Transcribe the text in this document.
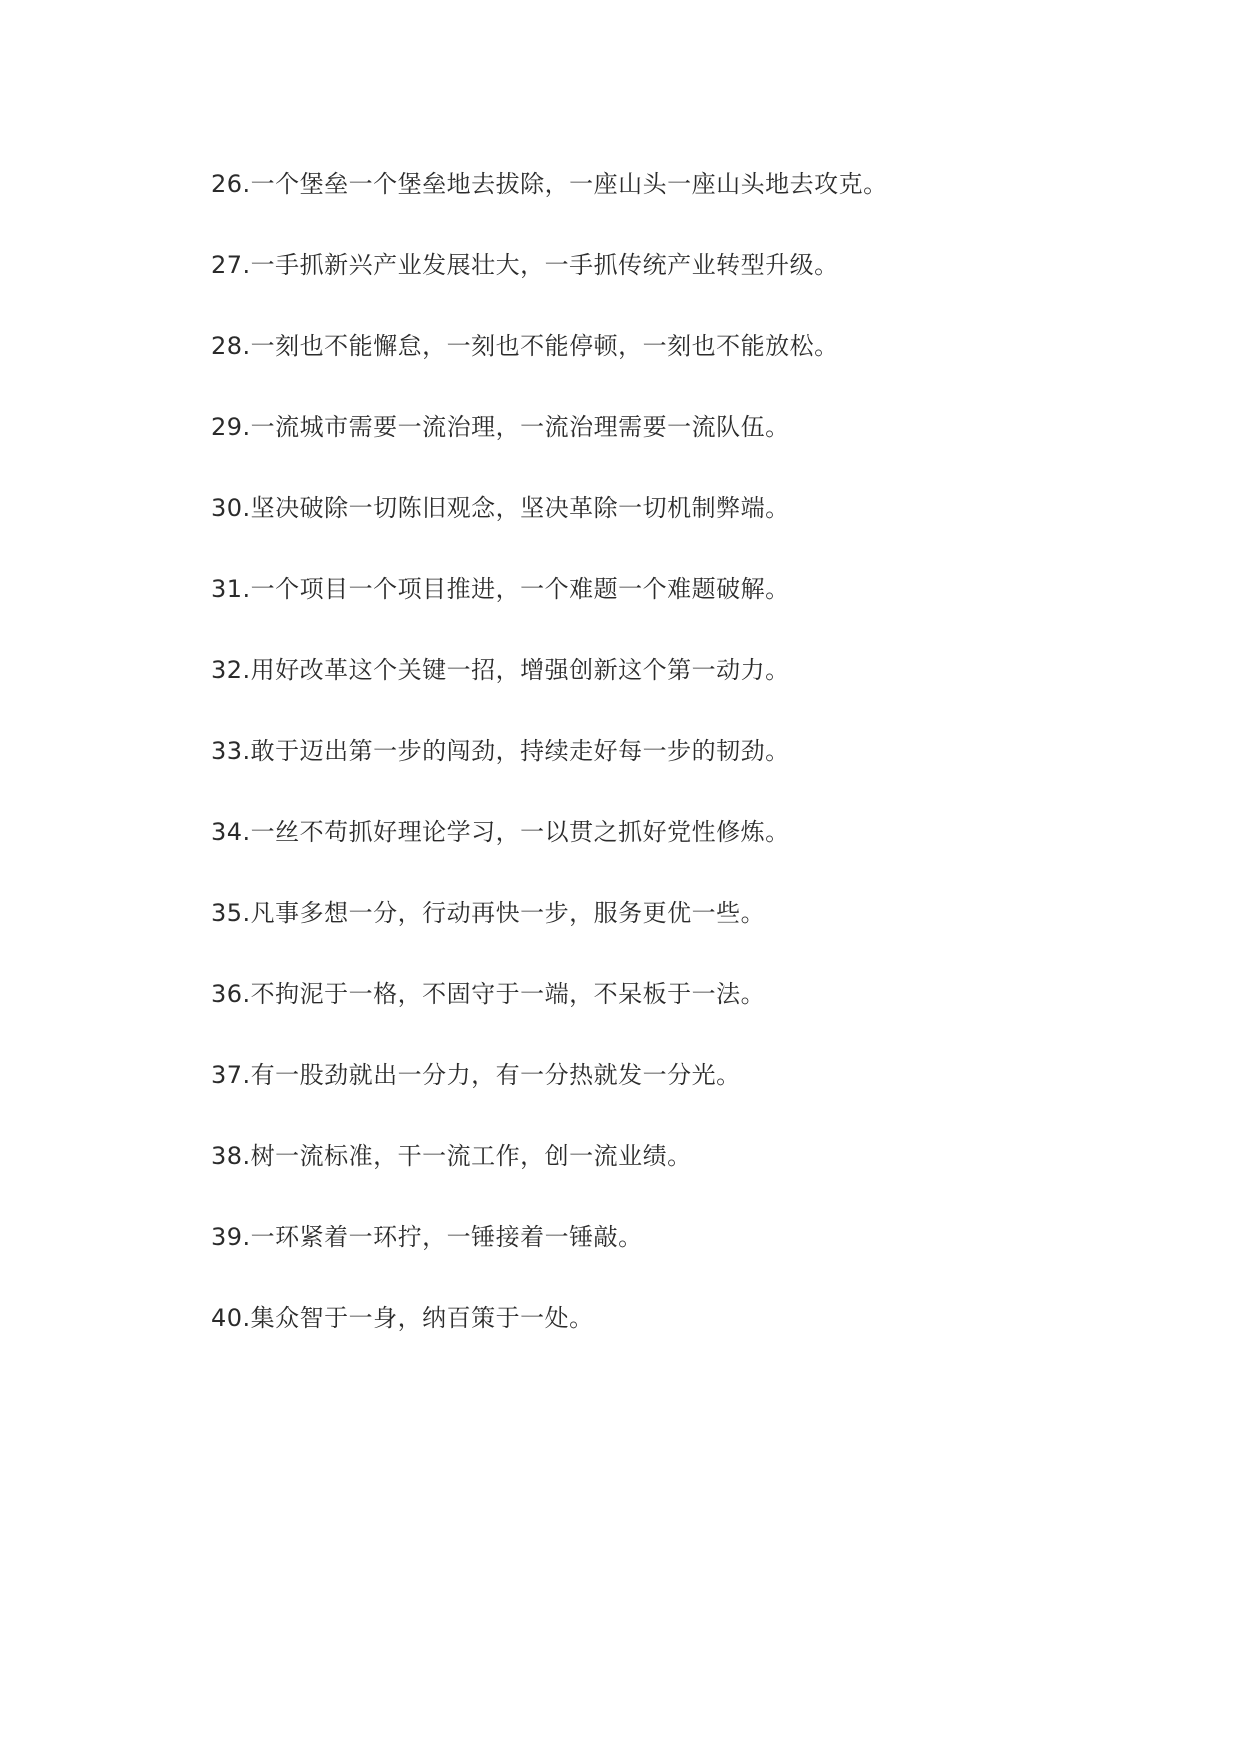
26.一个堡垒一个堡垒地去拔除，一座山头一座山头地去攻克。
27.一手抓新兴产业发展壮大，一手抓传统产业转型升级。
28.一刻也不能懈怠，一刻也不能停顿，一刻也不能放松。
29.一流城市需要一流治理，一流治理需要一流队伍。
30.坚决破除一切陈旧观念，坚决革除一切机制弊端。
31.一个项目一个项目推进，一个难题一个难题破解。
32.用好改革这个关键一招，增强创新这个第一动力。
33.敢于迈出第一步的闯劲，持续走好每一步的韧劲。
34.一丝不苟抓好理论学习，一以贯之抓好党性修炼。
35.凡事多想一分，行动再快一步，服务更优一些。
36.不拘泥于一格，不固守于一端，不呆板于一法。
37.有一股劲就出一分力，有一分热就发一分光。
38.树一流标准，干一流工作，创一流业绩。
39.一环紧着一环拧，一锤接着一锤敲。
40.集众智于一身，纳百策于一处。
